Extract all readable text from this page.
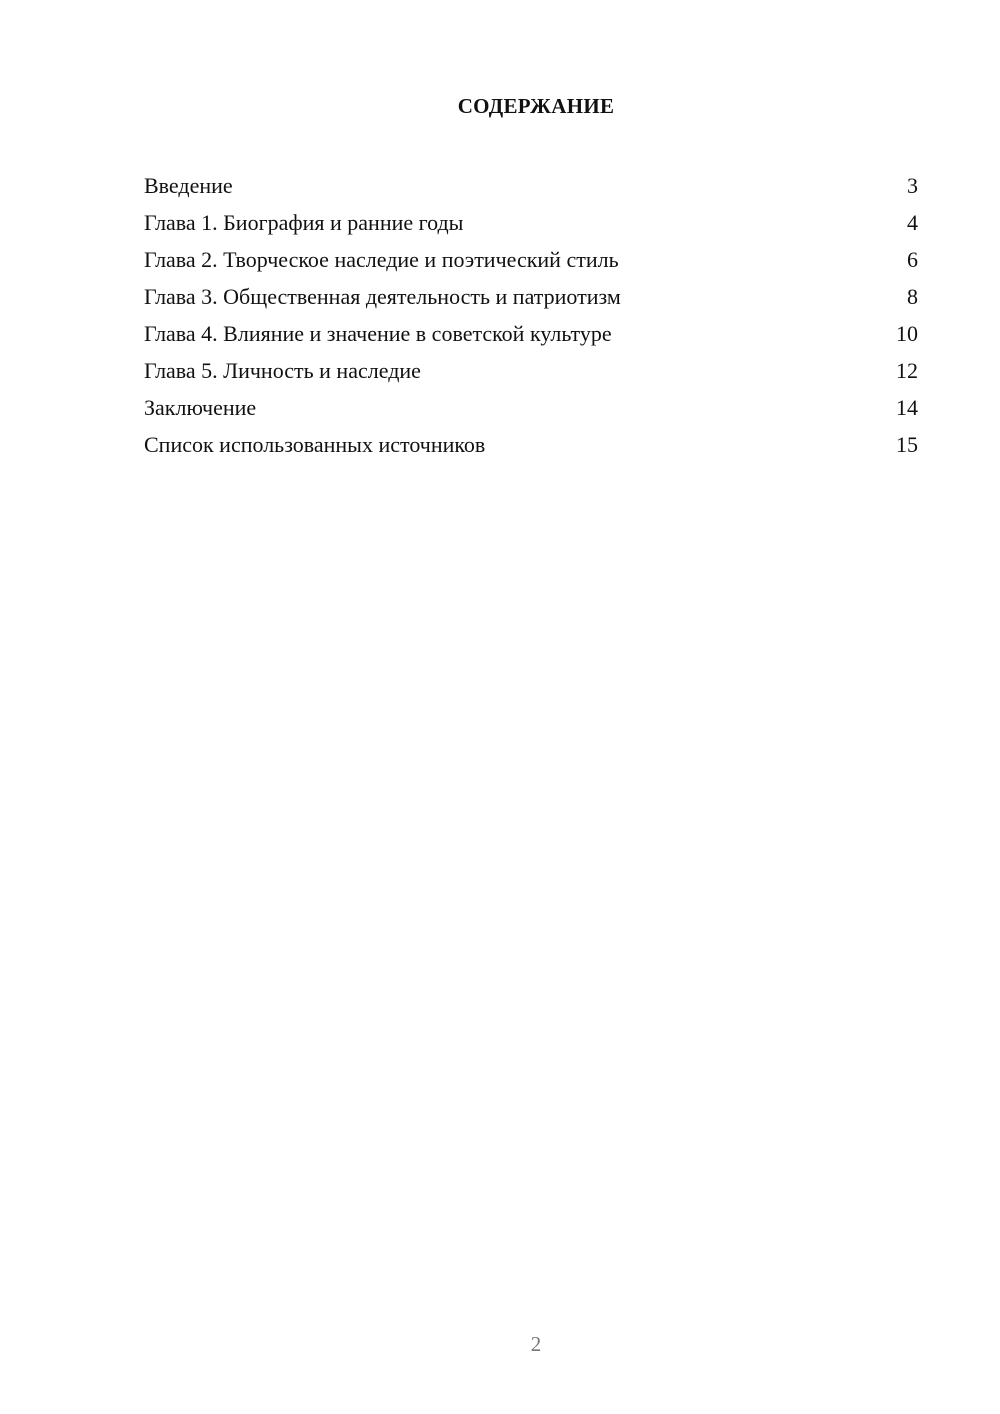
СОДЕРЖАНИЕ
Введение	3
Глава 1. Биография и ранние годы	4
Глава 2. Творческое наследие и поэтический стиль	6
Глава 3. Общественная деятельность и патриотизм	8
Глава 4. Влияние и значение в советской культуре	10
Глава 5. Личность и наследие	12
Заключение	14
Список использованных источников	15
2
